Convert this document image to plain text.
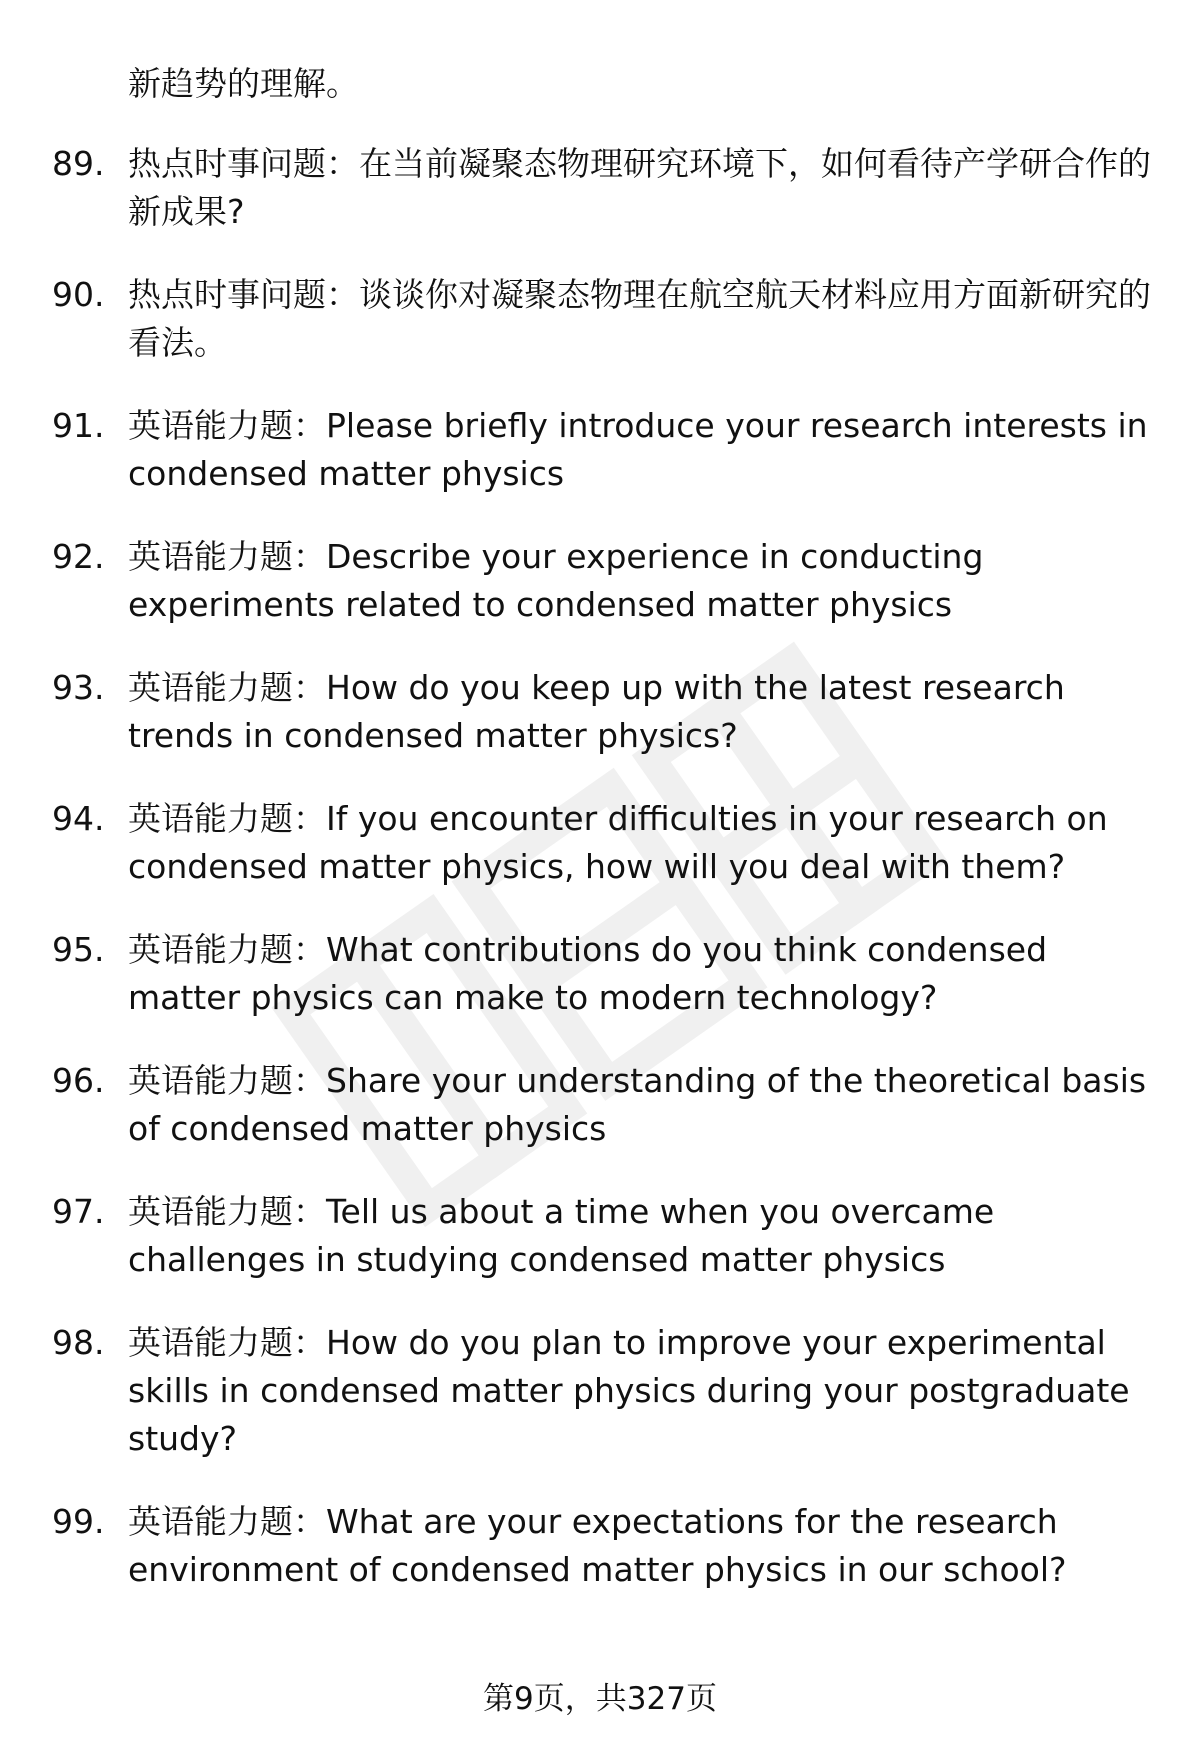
新趋势的理解。
89. 热点时事问题：在当前凝聚态物理研究环境下，如何看待产学研合作的新成果?
90. 热点时事问题：谈谈你对凝聚态物理在航空航天材料应用方面新研究的看法。
91. 英语能力题：Please briefly introduce your research interests in condensed matter physics
92. 英语能力题：Describe your experience in conducting experiments related to condensed matter physics
93. 英语能力题：How do you keep up with the latest research trends in condensed matter physics?
94. 英语能力题：If you encounter difficulties in your research on condensed matter physics, how will you deal with them?
95. 英语能力题：What contributions do you think condensed matter physics can make to modern technology?
96. 英语能力题：Share your understanding of the theoretical basis of condensed matter physics
97. 英语能力题：Tell us about a time when you overcame challenges in studying condensed matter physics
98. 英语能力题：How do you plan to improve your experimental skills in condensed matter physics during your postgraduate study?
99. 英语能力题：What are your expectations for the research environment of condensed matter physics in our school?
第9页，共327页
